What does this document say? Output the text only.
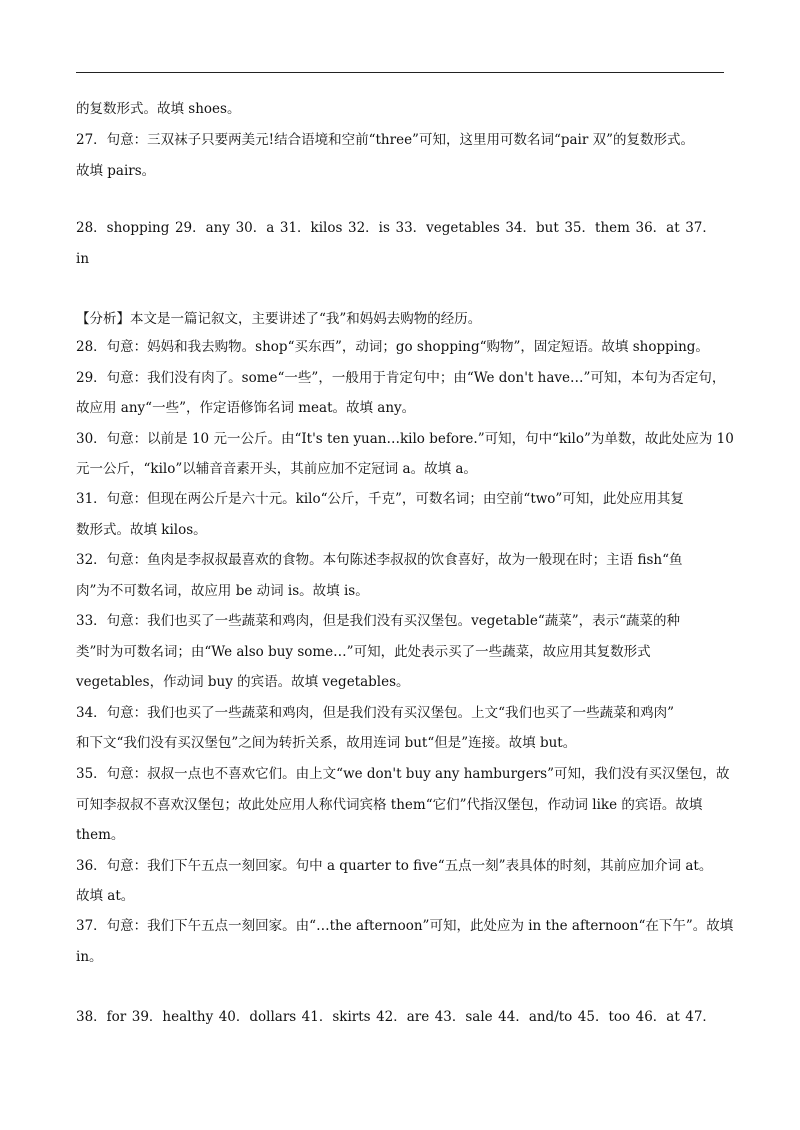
的复数形式。故填 shoes。
27．句意：三双袜子只要两美元!结合语境和空前“three”可知，这里用可数名词“pair 双”的复数形式。
故填 pairs。
28．shopping 29．any 30．a 31．kilos 32．is 33．vegetables 34．but 35．them 36．at 37．
in
【分析】本文是一篇记叙文，主要讲述了“我”和妈妈去购物的经历。
28．句意：妈妈和我去购物。shop“买东西”，动词；go shopping“购物”，固定短语。故填 shopping。
29．句意：我们没有肉了。some“一些”，一般用于肯定句中；由“We don't have…”可知，本句为否定句，
故应用 any“一些”，作定语修饰名词 meat。故填 any。
30．句意：以前是 10 元一公斤。由“It's ten yuan…kilo before.”可知，句中“kilo”为单数，故此处应为 10
元一公斤，“kilo”以辅音音素开头，其前应加不定冠词 a。故填 a。
31．句意：但现在两公斤是六十元。kilo“公斤，千克”，可数名词；由空前“two”可知，此处应用其复
数形式。故填 kilos。
32．句意：鱼肉是李叔叔最喜欢的食物。本句陈述李叔叔的饮食喜好，故为一般现在时；主语 fish“鱼
肉”为不可数名词，故应用 be 动词 is。故填 is。
33．句意：我们也买了一些蔬菜和鸡肉，但是我们没有买汉堡包。vegetable“蔬菜”，表示“蔬菜的种
类”时为可数名词；由“We also buy some…”可知，此处表示买了一些蔬菜，故应用其复数形式
vegetables，作动词 buy 的宾语。故填 vegetables。
34．句意：我们也买了一些蔬菜和鸡肉，但是我们没有买汉堡包。上文“我们也买了一些蔬菜和鸡肉”
和下文“我们没有买汉堡包”之间为转折关系，故用连词 but“但是”连接。故填 but。
35．句意：叔叔一点也不喜欢它们。由上文“we don't buy any hamburgers”可知，我们没有买汉堡包，故
可知李叔叔不喜欢汉堡包；故此处应用人称代词宾格 them“它们”代指汉堡包，作动词 like 的宾语。故填
them。
36．句意：我们下午五点一刻回家。句中 a quarter to five“五点一刻”表具体的时刻，其前应加介词 at。
故填 at。
37．句意：我们下午五点一刻回家。由“…the afternoon”可知，此处应为 in the afternoon“在下午”。故填
in。
38．for 39．healthy 40．dollars 41．skirts 42．are 43．sale 44．and/to 45．too 46．at 47．
